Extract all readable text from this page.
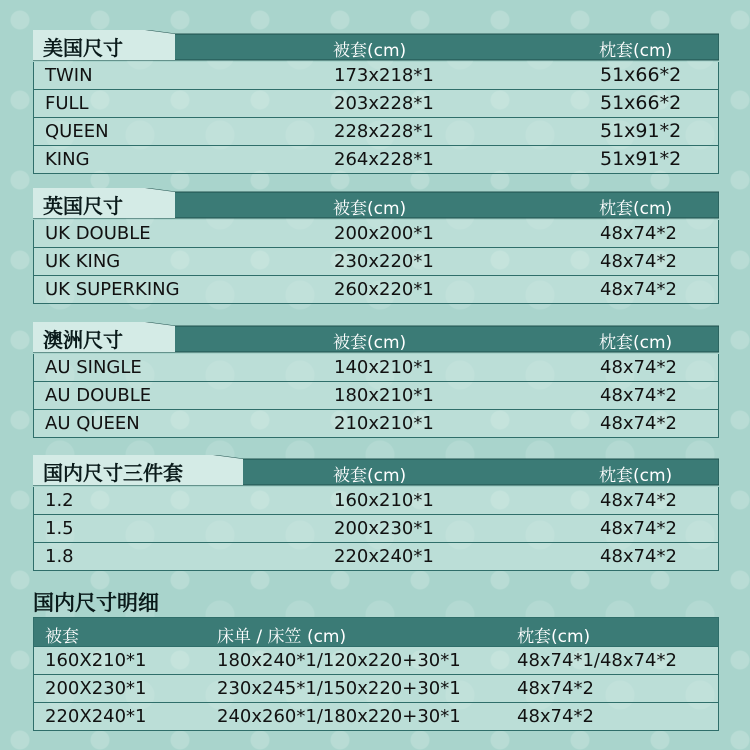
美国尺寸	被套(cm)	枕套(cm)
TWIN	173x218*1	51x66*2
FULL	203x228*1	51x66*2
QUEEN	228x228*1	51x91*2
KING	264x228*1	51x91*2
英国尺寸	被套(cm)	枕套(cm)
UK DOUBLE	200x200*1	48x74*2
UK KING	230x220*1	48x74*2
UK SUPERKING	260x220*1	48x74*2
澳洲尺寸	被套(cm)	枕套(cm)
AU SINGLE	140x210*1	48x74*2
AU DOUBLE	180x210*1	48x74*2
AU QUEEN	210x210*1	48x74*2
国内尺寸三件套	被套(cm)	枕套(cm)
1.2	160x210*1	48x74*2
1.5	200x230*1	48x74*2
1.8	220x240*1	48x74*2
国内尺寸明细
被套	床单 / 床笠 (cm)	枕套(cm)
160X210*1	180x240*1/120x220+30*1	48x74*1/48x74*2
200X230*1	230x245*1/150x220+30*1	48x74*2
220X240*1	240x260*1/180x220+30*1	48x74*2
